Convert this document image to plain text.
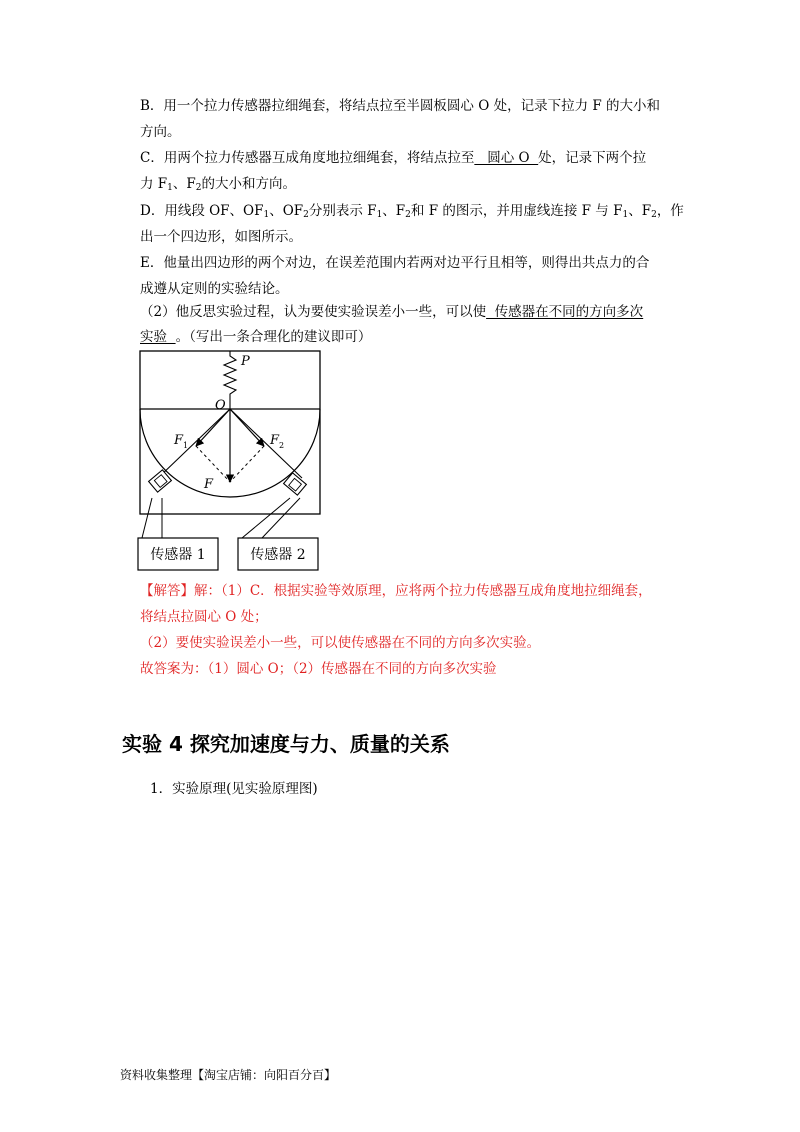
B．用一个拉力传感器拉细绳套，将结点拉至半圆板圆心 O 处，记录下拉力 F 的大小和
方向。
C．用两个拉力传感器互成角度地拉细绳套，将结点拉至   圆心 O  处，记录下两个拉
力 $F_1$、$F_2$的大小和方向。
D．用线段 OF、$OF_1$、$OF_2$分别表示 $F_1$、$F_2$和 F 的图示，并用虚线连接 F 与 $F_1$、$F_2$，作
出一个四边形，如图所示。
E．他量出四边形的两个对边，在误差范围内若两对边平行且相等，则得出共点力的合
成遵从定则的实验结论。
（2）他反思实验过程，认为要使实验误差小一些，可以使  传感器在不同的方向多次
实验  。（写出一条合理化的建议即可）
P
O
F 1	F 2
F
传感器 1	传感器 2
【解答】解：（1）C．根据实验等效原理，应将两个拉力传感器互成角度地拉细绳套，
将结点拉圆心 O 处；
（2）要使实验误差小一些，可以使传感器在不同的方向多次实验。
故答案为：（1）圆心 O；（2）传感器在不同的方向多次实验
实验 4 探究加速度与力、质量的关系
1．实验原理(见实验原理图)
资料收集整理【淘宝店铺：向阳百分百】
